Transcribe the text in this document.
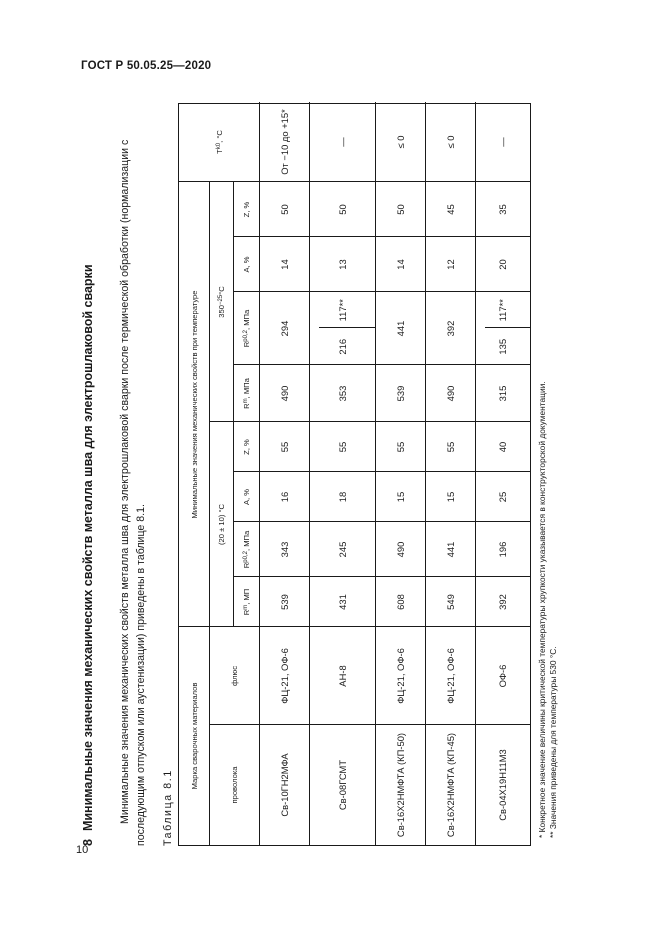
ГОСТ Р 50.05.25—2020
10
8Минимальные значения механических свойств металла шва для электрошлаковой сварки Минимальные значения механических свойств металла шва для электрошлаковой сварки после термической обработки (нормализации с последующим отпуском или аустенизации) приведены в таблице 8.1. Таблица 8.1
Марка сварочных материалов	проволока
флюс
Минимальные значения механических свойств при температуре
(20 ± 10) °С
350
−25
°С
R
m
, МП
R
p0,2
, МПа
A, %
Z, %
R
m
, МПа
R
p0,2
, МПа
A, %
Z, %
T
k0
, °С
Св-10ГН2МФА
ФЦ-21, ОФ-6
539
343
16
55
490
294
14
50
От −10 до +15*
Св-08ГСМТ
АН-8
431
245
18
55
353
216
117**
13
50
—
Св-16Х2НМФТА (КП-50)
ФЦ-21, ОФ-6
608
490
15
55
539
441
14
50
≤ 0
Св-16Х2НМФТА (КП-45)
ФЦ-21, ОФ-6
549
441
15
55
490
392
12
45
≤ 0
Св-04Х19Н11М3
ОФ-6
392
196
25
40
315
135
117**
20
35
—
* Конкретное значение величины критической температуры хрупкости указывается в конструкторской документации. ** Значения приведены для температуры 530 °С.
